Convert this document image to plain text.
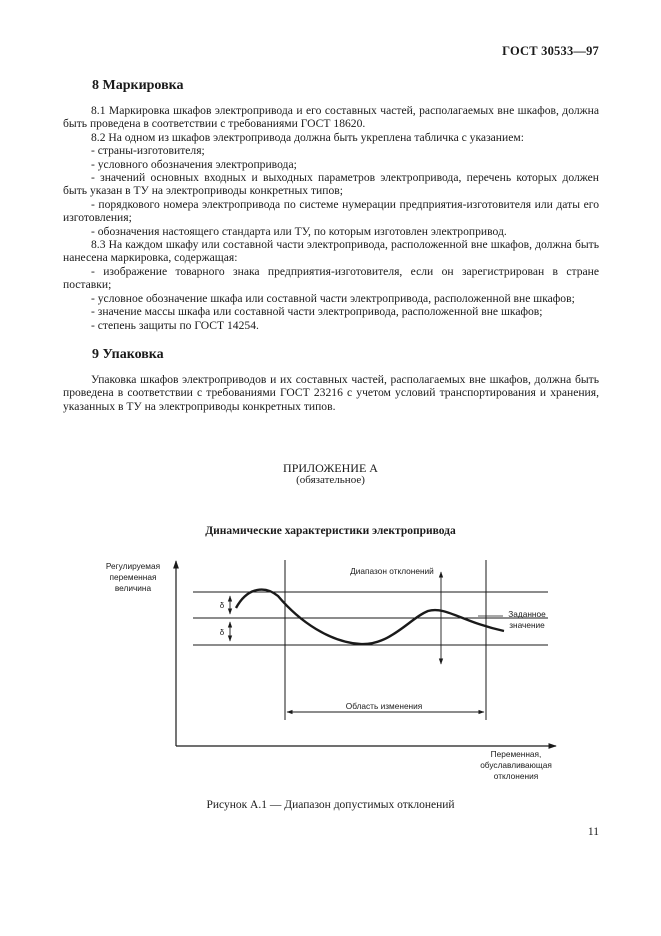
ГОСТ 30533—97
8 Маркировка

8.1 Маркировка шкафов электропривода и его составных частей, располагаемых вне шкафов, должна быть проведена в соответствии с требованиями ГОСТ 18620.

8.2 На одном из шкафов электропривода должна быть укреплена табличка с указанием:

- страны-изготовителя;

- условного обозначения электропривода;

- значений основных входных и выходных параметров электропривода, перечень которых должен быть указан в ТУ на электроприводы конкретных типов;

- порядкового номера электропривода по системе нумерации предприятия-изготовителя или даты его изготовления;

- обозначения настоящего стандарта или ТУ, по которым изготовлен электропривод.

8.3 На каждом шкафу или составной части электропривода, расположенной вне шкафов, должна быть нанесена маркировка, содержащая:

- изображение товарного знака предприятия-изготовителя, если он зарегистрирован в стране поставки;

- условное обозначение шкафа или составной части электропривода, расположенной вне шкафов;

- значение массы шкафа или составной части электропривода, расположенной вне шкафов;

- степень защиты по ГОСТ 14254.

9 Упаковка

Упаковка шкафов электроприводов и их составных частей, располагаемых вне шкафов, должна быть проведена в соответствии с требованиями ГОСТ 23216 с учетом условий транспортирования и хранения, указанных в ТУ на электроприводы конкретных типов.

ПРИЛОЖЕНИЕ А
(обязательное)
Динамические характеристики электропривода
Регулируемая
переменная
величина
Переменная,
обуславливающая
отклонения
Диапазон отклонений
Заданное
значение
Область изменения
δ
δ
Рисунок А.1 — Диапазон допустимых отклонений
11
